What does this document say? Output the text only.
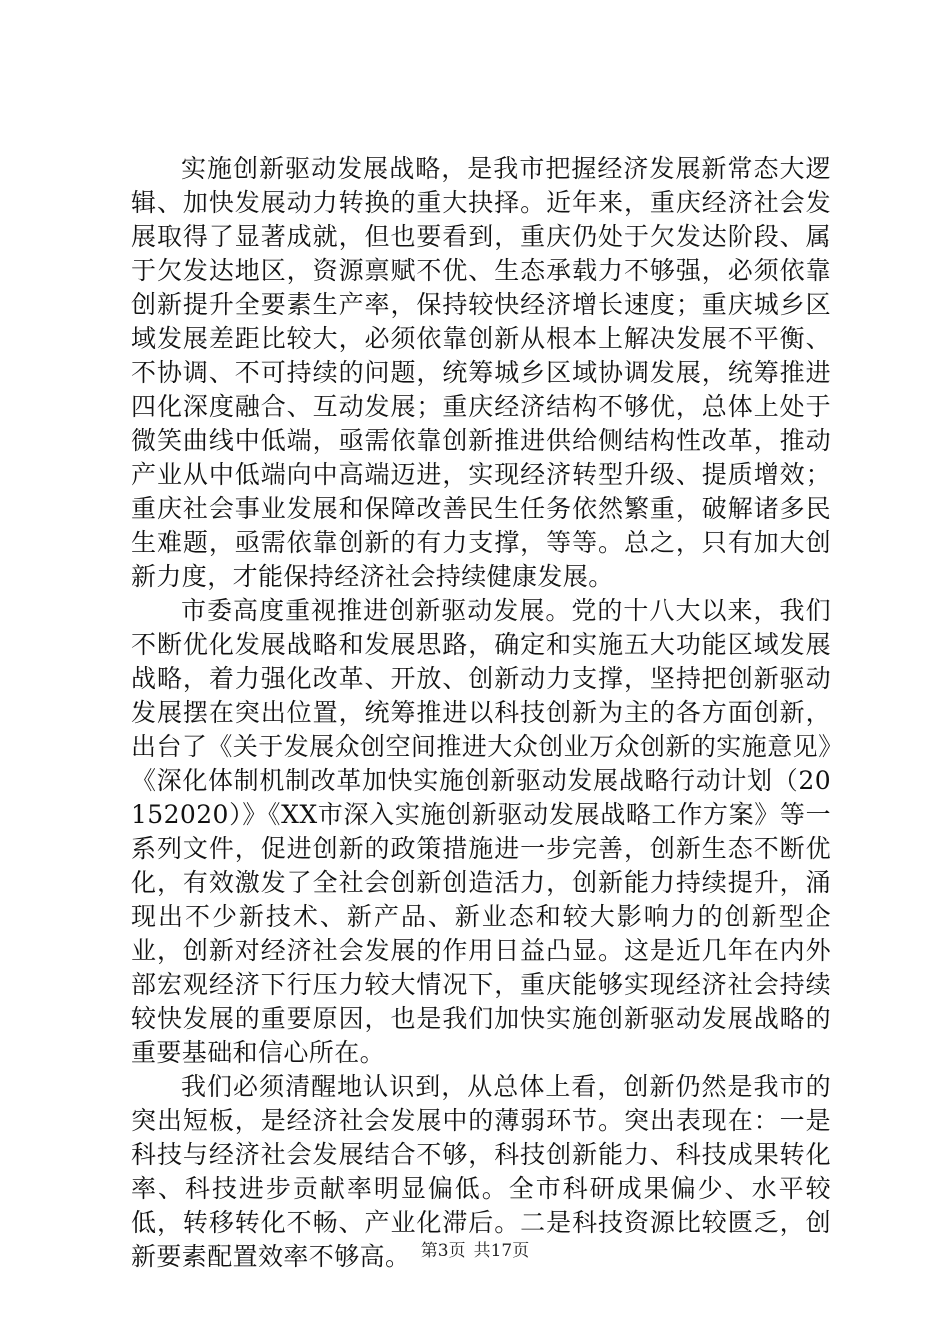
实施创新驱动发展战略，是我市把握经济发展新常态大逻辑、加快发展动力转换的重大抉择。近年来，重庆经济社会发展取得了显著成就，但也要看到，重庆仍处于欠发达阶段、属于欠发达地区，资源禀赋不优、生态承载力不够强，必须依靠创新提升全要素生产率，保持较快经济增长速度；重庆城乡区域发展差距比较大，必须依靠创新从根本上解决发展不平衡、不协调、不可持续的问题，统筹城乡区域协调发展，统筹推进四化深度融合、互动发展；重庆经济结构不够优，总体上处于微笑曲线中低端，亟需依靠创新推进供给侧结构性改革，推动产业从中低端向中高端迈进，实现经济转型升级、提质增效；重庆社会事业发展和保障改善民生任务依然繁重，破解诸多民生难题，亟需依靠创新的有力支撑，等等。总之，只有加大创新力度，才能保持经济社会持续健康发展。

市委高度重视推进创新驱动发展。党的十八大以来，我们不断优化发展战略和发展思路，确定和实施五大功能区域发展战略，着力强化改革、开放、创新动力支撑，坚持把创新驱动发展摆在突出位置，统筹推进以科技创新为主的各方面创新，出台了《关于发展众创空间推进大众创业万众创新的实施意见》《深化体制机制改革加快实施创新驱动发展战略行动计划（20152020）》《XX市深入实施创新驱动发展战略工作方案》等一系列文件，促进创新的政策措施进一步完善，创新生态不断优化，有效激发了全社会创新创造活力，创新能力持续提升，涌现出不少新技术、新产品、新业态和较大影响力的创新型企业，创新对经济社会发展的作用日益凸显。这是近几年在内外部宏观经济下行压力较大情况下，重庆能够实现经济社会持续较快发展的重要原因，也是我们加快实施创新驱动发展战略的重要基础和信心所在。

我们必须清醒地认识到，从总体上看，创新仍然是我市的突出短板，是经济社会发展中的薄弱环节。突出表现在：一是科技与经济社会发展结合不够，科技创新能力、科技成果转化率、科技进步贡献率明显偏低。全市科研成果偏少、水平较低，转移转化不畅、产业化滞后。二是科技资源比较匮乏，创新要素配置效率不够高。 第3页 共17页
